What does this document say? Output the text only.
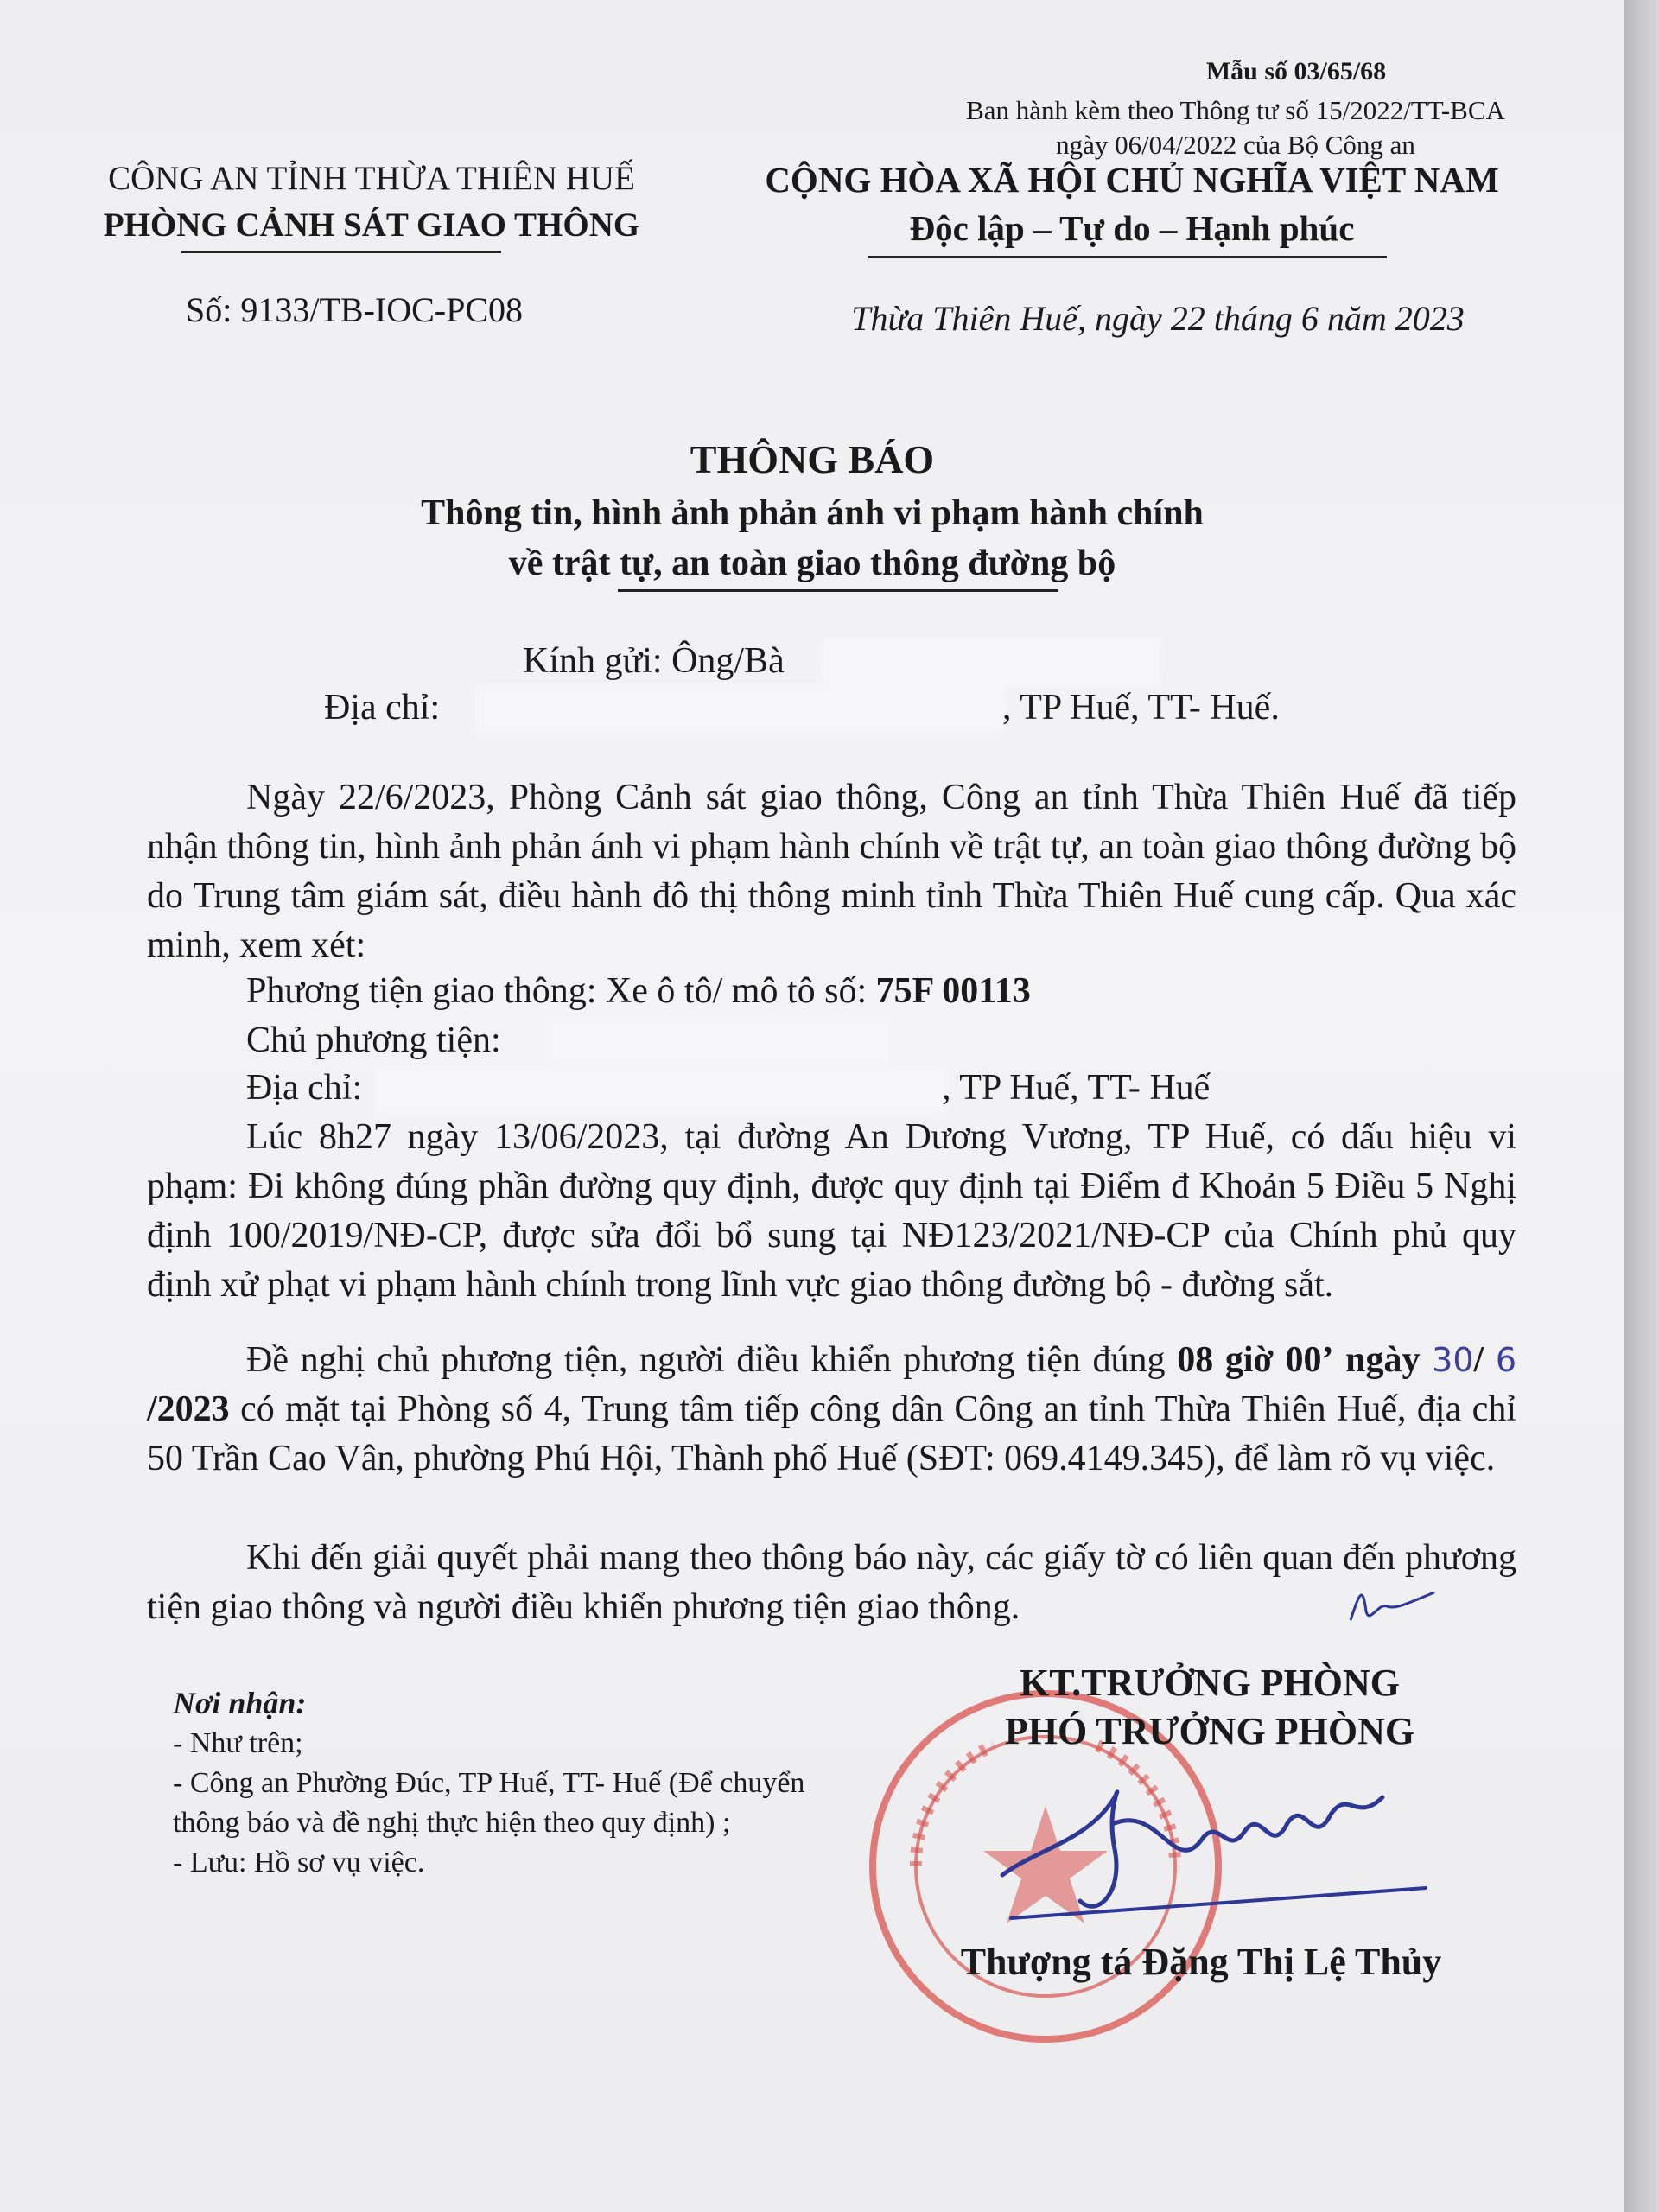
Mẫu số 03/65/68
Ban hành kèm theo Thông tư số 15/2022/TT-BCA
ngày 06/04/2022 của Bộ Công an
CÔNG AN TỈNH THỪA THIÊN HUẾ
PHÒNG CẢNH SÁT GIAO THÔNG
CỘNG HÒA XÃ HỘI CHỦ NGHĨA VIỆT NAM
Độc lập – Tự do – Hạnh phúc
Số: 9133/TB-IOC-PC08	Thừa Thiên Huế, ngày 22 tháng 6 năm 2023
THÔNG BÁO
Thông tin, hình ảnh phản ánh vi phạm hành chính
về trật tự, an toàn giao thông đường bộ
Kính gửi: Ông/Bà
Địa chỉ:	, TP Huế, TT- Huế.
Ngày 22/6/2023, Phòng Cảnh sát giao thông, Công an tỉnh Thừa Thiên Huế đã tiếp nhận thông tin, hình ảnh phản ánh vi phạm hành chính về trật tự, an toàn giao thông đường bộ do Trung tâm giám sát, điều hành đô thị thông minh tỉnh Thừa Thiên Huế cung cấp. Qua xác minh, xem xét:
Phương tiện giao thông: Xe ô tô/ mô tô số: 75F 00113
Chủ phương tiện:
Địa chỉ:	, TP Huế, TT- Huế
Lúc 8h27 ngày 13/06/2023, tại đường An Dương Vương, TP Huế, có dấu hiệu vi phạm: Đi không đúng phần đường quy định, được quy định tại Điểm đ Khoản 5 Điều 5 Nghị định 100/2019/NĐ-CP, được sửa đổi bổ sung tại NĐ123/2021/NĐ-CP của Chính phủ quy định xử phạt vi phạm hành chính trong lĩnh vực giao thông đường bộ - đường sắt.
Đề nghị chủ phương tiện, người điều khiển phương tiện đúng 08 giờ 00’ ngày 30/ 6 /2023 có mặt tại Phòng số 4, Trung tâm tiếp công dân Công an tỉnh Thừa Thiên Huế, địa chỉ 50 Trần Cao Vân, phường Phú Hội, Thành phố Huế (SĐT: 069.4149.345), để làm rõ vụ việc.
Khi đến giải quyết phải mang theo thông báo này, các giấy tờ có liên quan đến phương tiện giao thông và người điều khiển phương tiện giao thông.
Nơi nhận:
- Như trên;
- Công an Phường Đúc, TP Huế, TT- Huế (Để chuyển thông báo và đề nghị thực hiện theo quy định) ;
- Lưu: Hồ sơ vụ việc.
KT.TRƯỞNG PHÒNG
PHÓ TRƯỞNG PHÒNG
Thượng tá Đặng Thị Lệ Thủy
